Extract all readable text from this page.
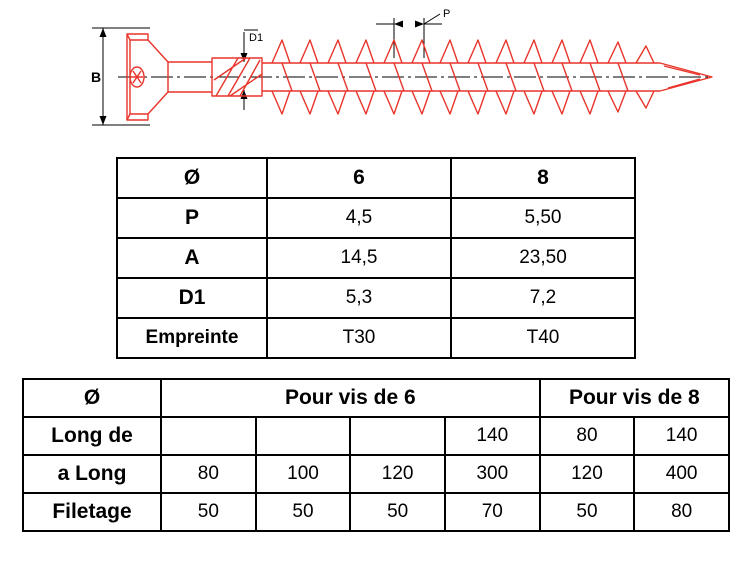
B
D1
P
Ø	6	8
P	4,5	5,50
A	14,5	23,50
D1	5,3	7,2
Empreinte	T30	T40
Ø	Pour vis de 6				Pour vis de 8	
Long de				140	80	140
a Long	80	100	120	300	120	400
Filetage	50	50	50	70	50	80
